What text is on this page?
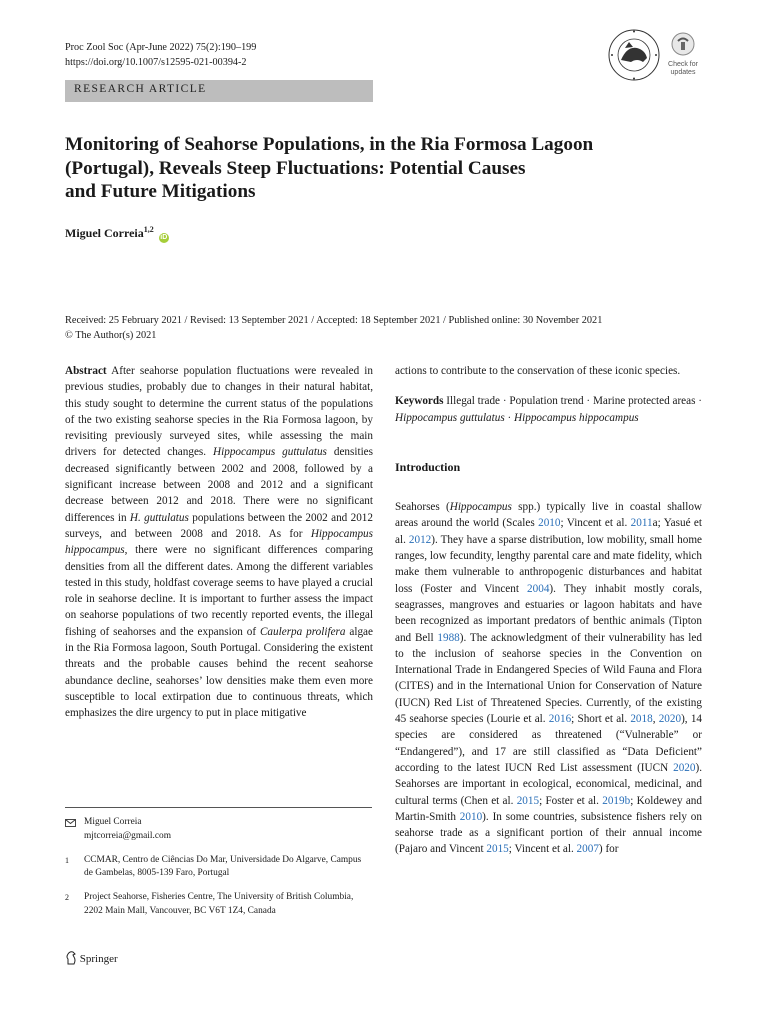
Proc Zool Soc (Apr-June 2022) 75(2):190–199
https://doi.org/10.1007/s12595-021-00394-2	Check for
updates
RESEARCH ARTICLE
Monitoring of Seahorse Populations, in the Ria Formosa Lagoon
(Portugal), Reveals Steep Fluctuations: Potential Causes
and Future Mitigations
Miguel Correia$^{1,2}$ iD
Received: 25 February 2021 / Revised: 13 September 2021 / Accepted: 18 September 2021 / Published online: 30 November 2021
© The Author(s) 2021

Abstract After seahorse population fluctuations were revealed in previous studies, probably due to changes in their natural habitat, this study sought to determine the current status of the populations of the two existing seahorse species in the Ria Formosa lagoon, by revisiting previously surveyed sites, while assessing the main drivers for detected changes. Hippocampus guttulatus densities decreased significantly between 2002 and 2008, followed by a significant increase between 2008 and 2012 and a significant decrease between 2012 and 2018. There were no significant differences in H. guttulatus populations between the 2002 and 2012 surveys, and between 2008 and 2018. As for Hippocampus hippocampus, there were no significant differences comparing densities from all the different dates. Among the different variables tested in this study, holdfast coverage seems to have played a crucial role in seahorse decline. It is important to further assess the impact on seahorse populations of two recently reported events, the illegal fishing of seahorses and the expansion of Caulerpa prolifera algae in the Ria Formosa lagoon, South Portugal. Considering the existent threats and the probable causes behind the recent seahorse abundance decline, seahorses’ low densities make them even more susceptible to local extirpation due to continuous threats, which emphasizes the dire urgency to put in place mitigative

actions to contribute to the conservation of these iconic species.

Keywords Illegal trade · Population trend · Marine protected areas · Hippocampus guttulatus · Hippocampus hippocampus

Introduction

Seahorses (Hippocampus spp.) typically live in coastal shallow areas around the world (Scales 2010; Vincent et al. 2011a; Yasué et al. 2012). They have a sparse distribution, low mobility, small home ranges, low fecundity, lengthy parental care and mate fidelity, which make them vulnerable to anthropogenic disturbances and habitat loss (Foster and Vincent 2004). They inhabit mostly corals, seagrasses, mangroves and estuaries or lagoon habitats and have been recognized as important predators of benthic animals (Tipton and Bell 1988). The acknowledgment of their vulnerability has led to the inclusion of seahorse species in the Convention on International Trade in Endangered Species of Wild Fauna and Flora (CITES) and in the International Union for Conservation of Nature (IUCN) Red List of Threatened Species. Currently, of the existing 45 seahorse species (Lourie et al. 2016; Short et al. 2018, 2020), 14 species are considered as threatened (“Vulnerable” or “Endangered”), and 17 are still classified as “Data Deficient” according to the latest IUCN Red List assessment (IUCN 2020). Seahorses are important in ecological, economical, medicinal, and cultural terms (Chen et al. 2015; Foster et al. 2019b; Koldewey and Martin-Smith 2010). In some countries, subsistence fishers rely on seahorse trade as a significant portion of their annual income (Pajaro and Vincent 2015; Vincent et al. 2007) for

Miguel Correia
mjtcorreia@gmail.com
1 CCMAR, Centro de Ciências Do Mar, Universidade Do Algarve, Campus de Gambelas, 8005-139 Faro, Portugal
2 Project Seahorse, Fisheries Centre, The University of British Columbia, 2202 Main Mall, Vancouver, BC V6T 1Z4, Canada
Springer
